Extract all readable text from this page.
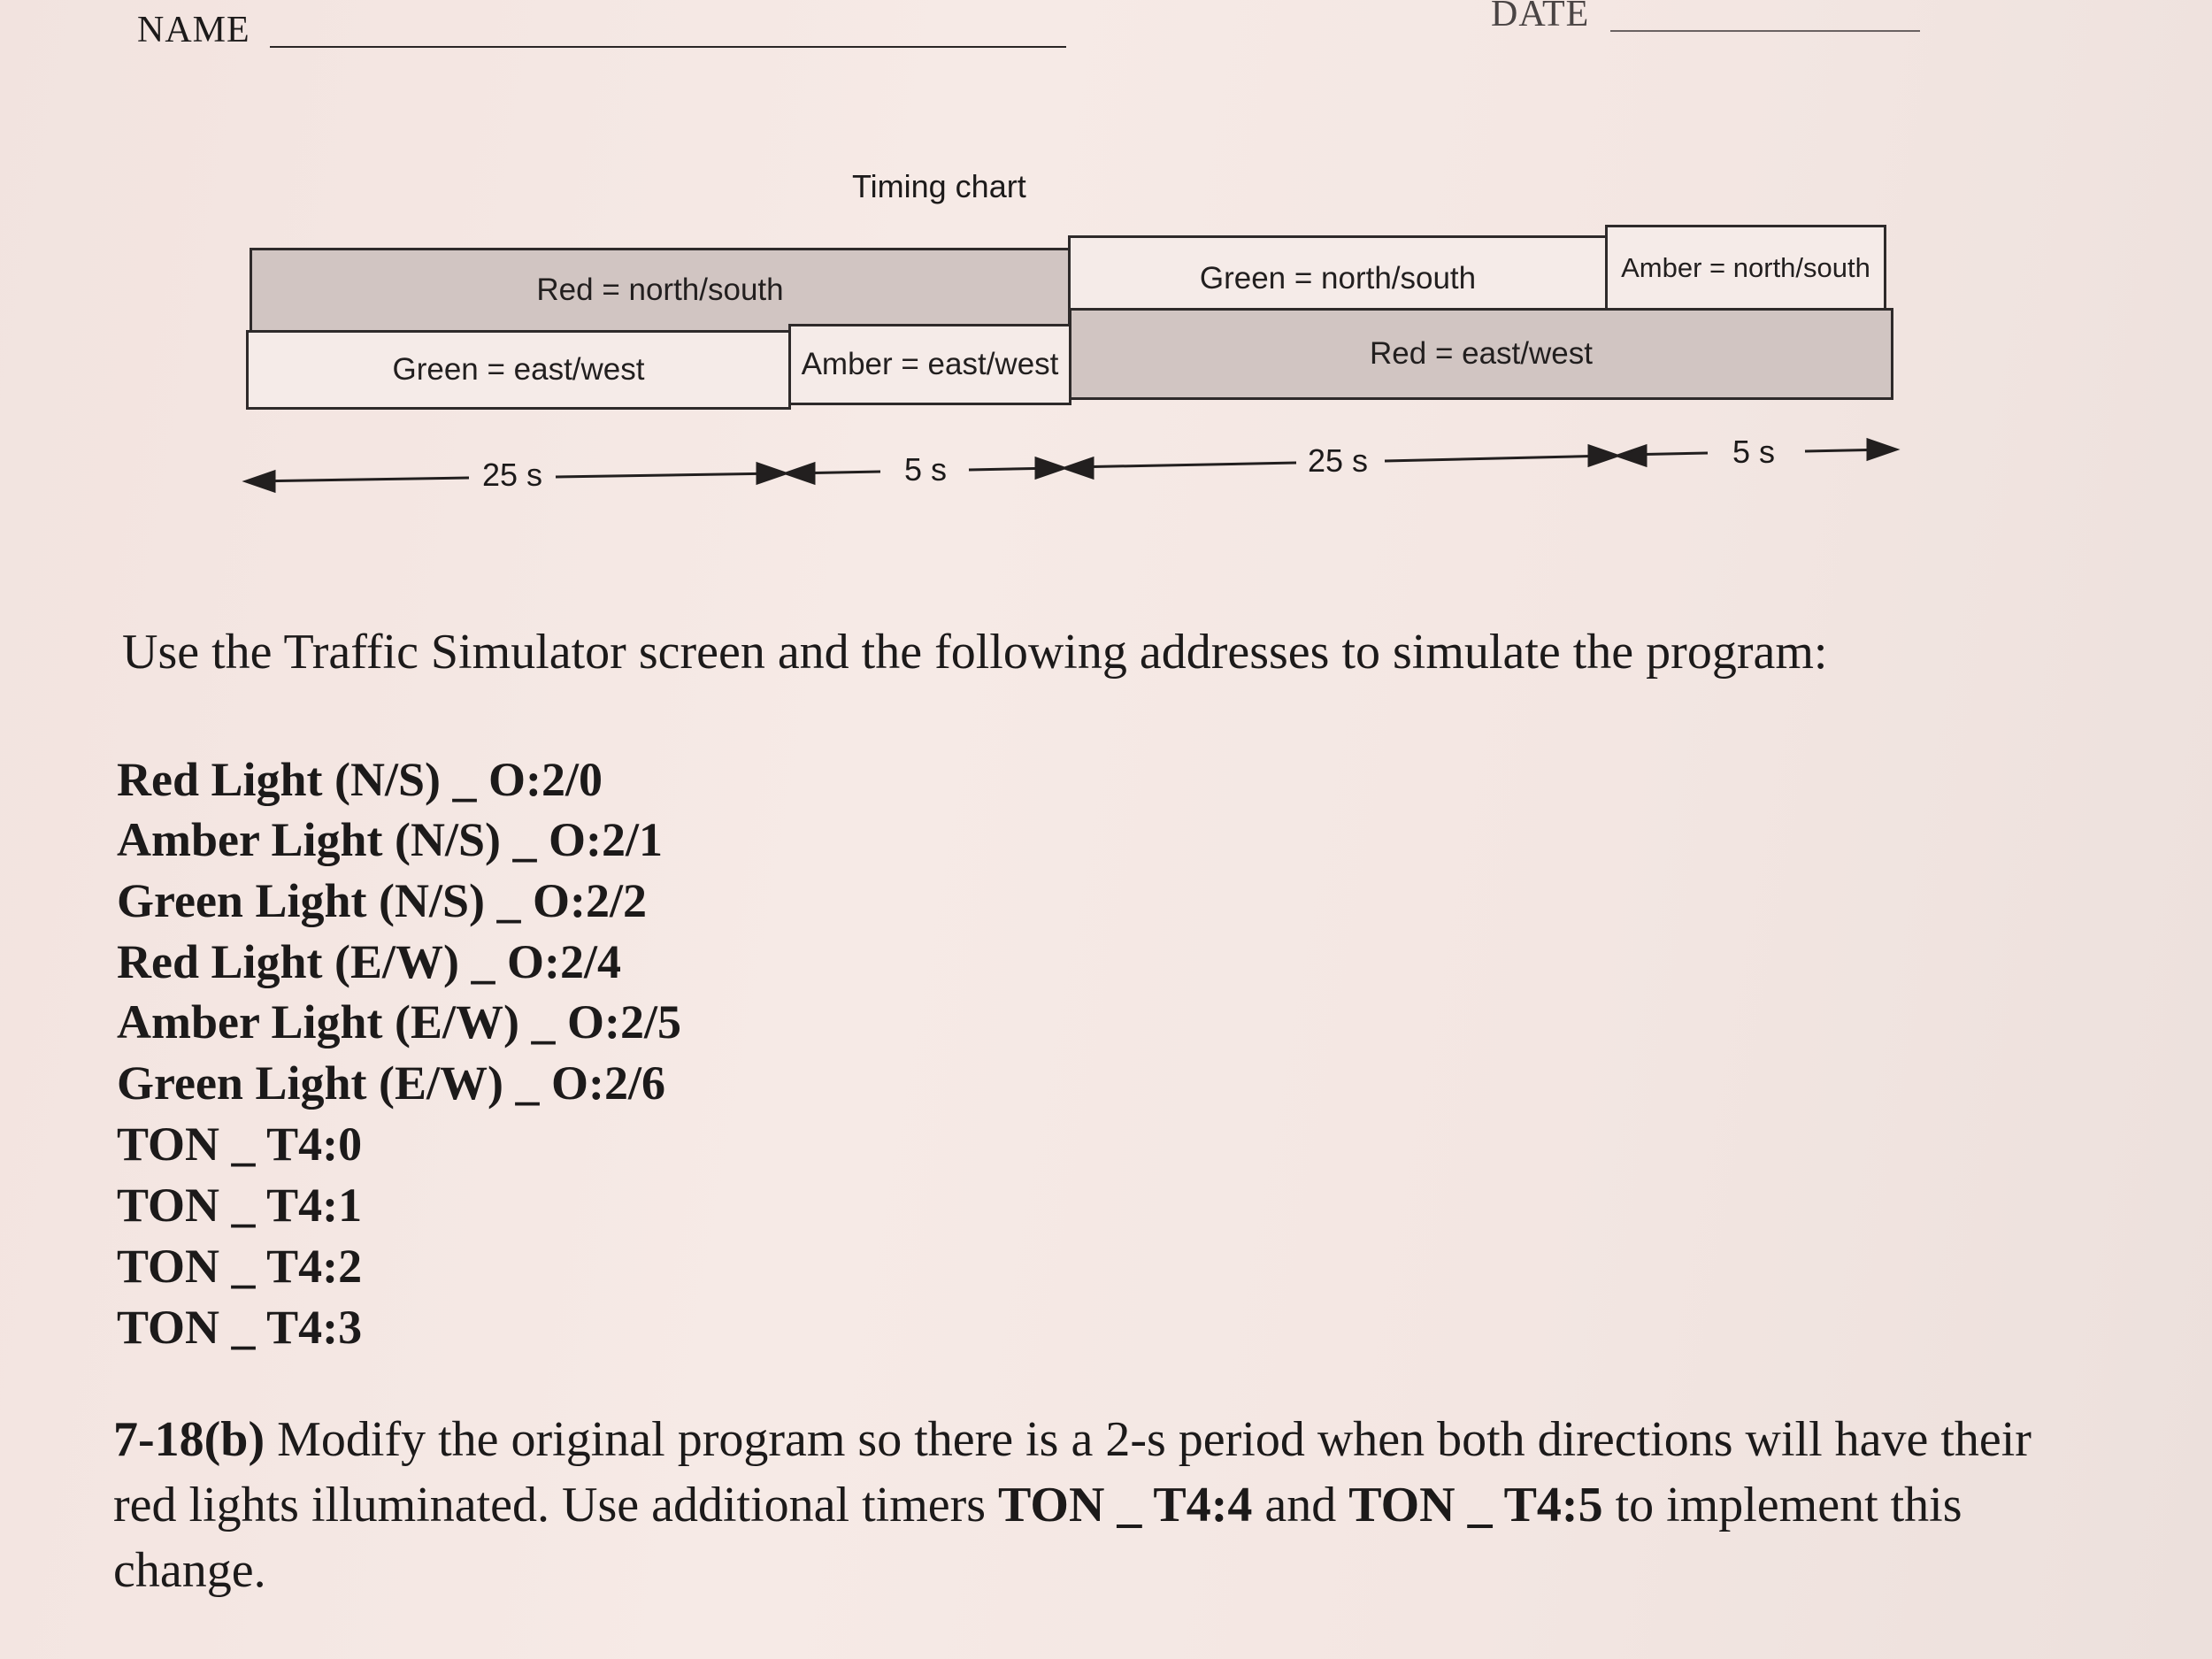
NAME	DATE
Timing chart
Red = north/south	Green = north/south	Amber = north/south
Green = east/west	Amber = east/west	Red = east/west
25 s	5 s	25 s	5 s
Use the Traffic Simulator screen and the following addresses to simulate the program:
Red Light (N/S) _ O:2/0
Amber Light (N/S) _ O:2/1
Green Light (N/S) _ O:2/2
Red Light (E/W) _ O:2/4
Amber Light (E/W) _ O:2/5
Green Light (E/W) _ O:2/6
TON _ T4:0
TON _ T4:1
TON _ T4:2
TON _ T4:3
7-18(b) Modify the original program so there is a 2-s period when both directions will have their red lights illuminated. Use additional timers TON _ T4:4 and TON _ T4:5 to implement this change.
